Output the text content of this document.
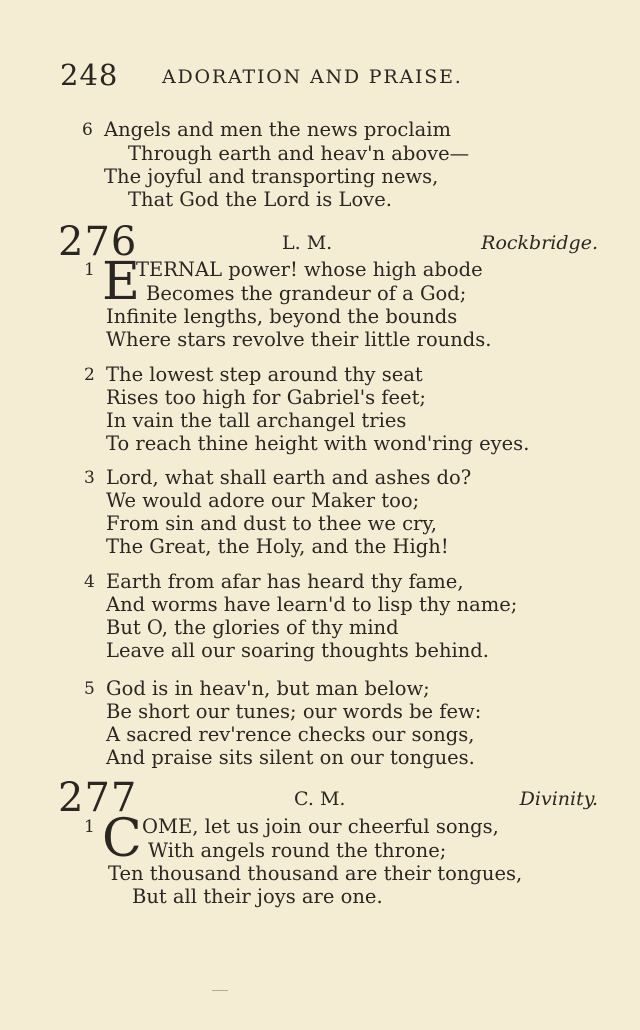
248 ADORATION AND PRAISE.
6 Angels and men the news proclaim
Through earth and heav'n above—
The joyful and transporting news,
That God the Lord is Love.
276	L. M.	Rockbridge.
1 E
TERNAL power! whose high abode
Becomes the grandeur of a God;
Infinite lengths, beyond the bounds
Where stars revolve their little rounds.
2 The lowest step around thy seat
Rises too high for Gabriel's feet;
In vain the tall archangel tries
To reach thine height with wond'ring eyes.
3 Lord, what shall earth and ashes do?
We would adore our Maker too;
From sin and dust to thee we cry,
The Great, the Holy, and the High!
4 Earth from afar has heard thy fame,
And worms have learn'd to lisp thy name;
But O, the glories of thy mind
Leave all our soaring thoughts behind.
5 God is in heav'n, but man below;
Be short our tunes; our words be few:
A sacred rev'rence checks our songs,
And praise sits silent on our tongues.
277	C. M.	Divinity.
1 C OME, let us join our cheerful songs,
With angels round the throne;
Ten thousand thousand are their tongues,
But all their joys are one.
